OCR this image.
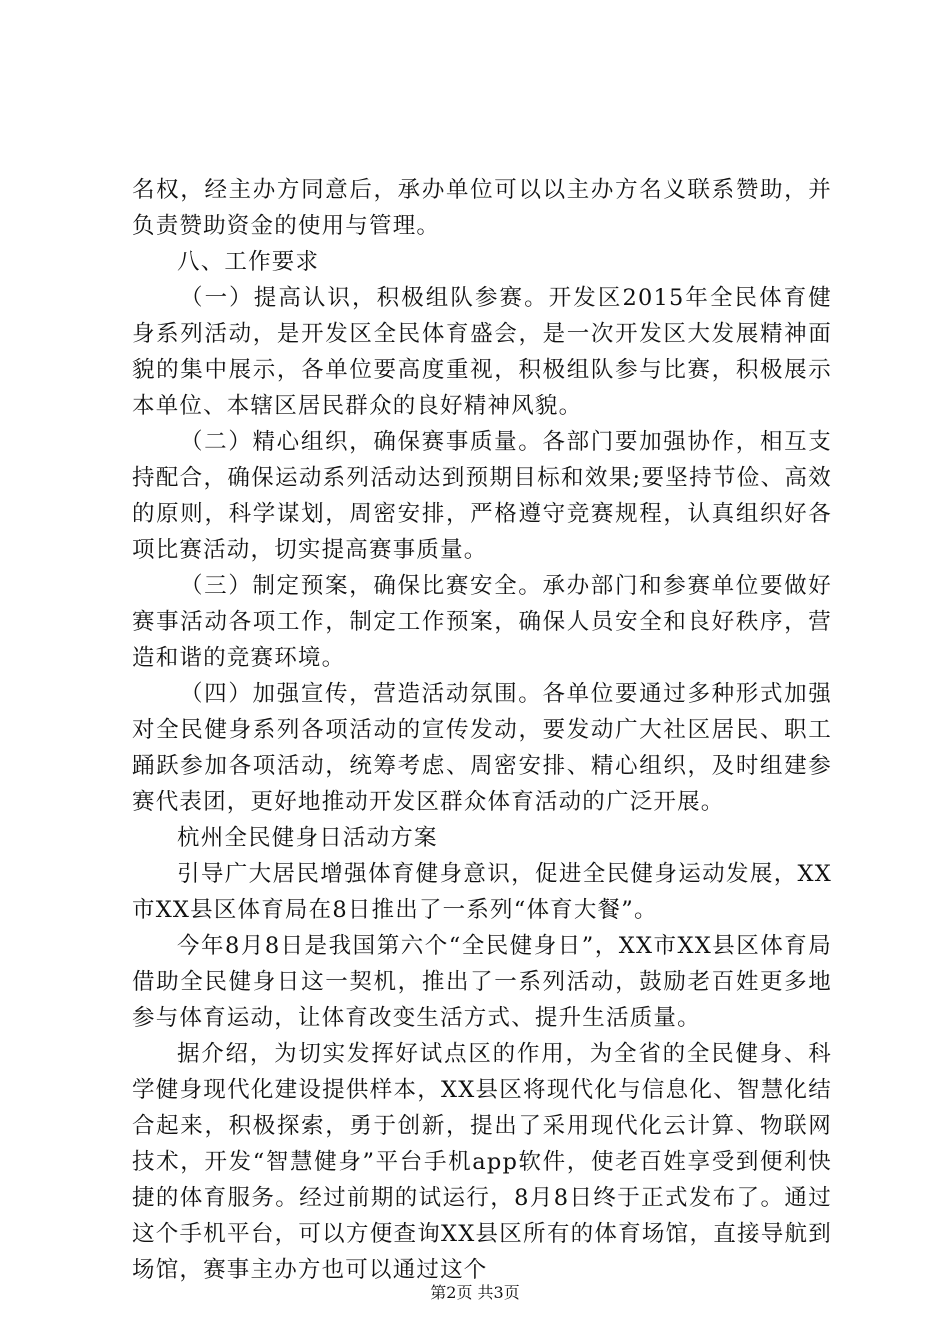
名权，经主办方同意后，承办单位可以以主办方名义联系赞助，并负责赞助资金的使用与管理。

八、工作要求

（一）提高认识，积极组队参赛。开发区2015年全民体育健身系列活动，是开发区全民体育盛会，是一次开发区大发展精神面貌的集中展示，各单位要高度重视，积极组队参与比赛，积极展示本单位、本辖区居民群众的良好精神风貌。

（二）精心组织，确保赛事质量。各部门要加强协作，相互支持配合，确保运动系列活动达到预期目标和效果;要坚持节俭、高效的原则，科学谋划，周密安排，严格遵守竞赛规程，认真组织好各项比赛活动，切实提高赛事质量。

（三）制定预案，确保比赛安全。承办部门和参赛单位要做好赛事活动各项工作，制定工作预案，确保人员安全和良好秩序，营造和谐的竞赛环境。

（四）加强宣传，营造活动氛围。各单位要通过多种形式加强对全民健身系列各项活动的宣传发动，要发动广大社区居民、职工踊跃参加各项活动，统筹考虑、周密安排、精心组织，及时组建参赛代表团，更好地推动开发区群众体育活动的广泛开展。

杭州全民健身日活动方案

引导广大居民增强体育健身意识，促进全民健身运动发展，XX市XX县区体育局在8日推出了一系列“体育大餐”。

今年8月8日是我国第六个“全民健身日”，XX市XX县区体育局借助全民健身日这一契机，推出了一系列活动，鼓励老百姓更多地参与体育运动，让体育改变生活方式、提升生活质量。

据介绍，为切实发挥好试点区的作用，为全省的全民健身、科学健身现代化建设提供样本，XX县区将现代化与信息化、智慧化结合起来，积极探索，勇于创新，提出了采用现代化云计算、物联网技术，开发“智慧健身”平台手机app软件，使老百姓享受到便利快捷的体育服务。经过前期的试运行，8月8日终于正式发布了。通过这个手机平台，可以方便查询XX县区所有的体育场馆，直接导航到场馆，赛事主办方也可以通过这个

第2页 共3页
